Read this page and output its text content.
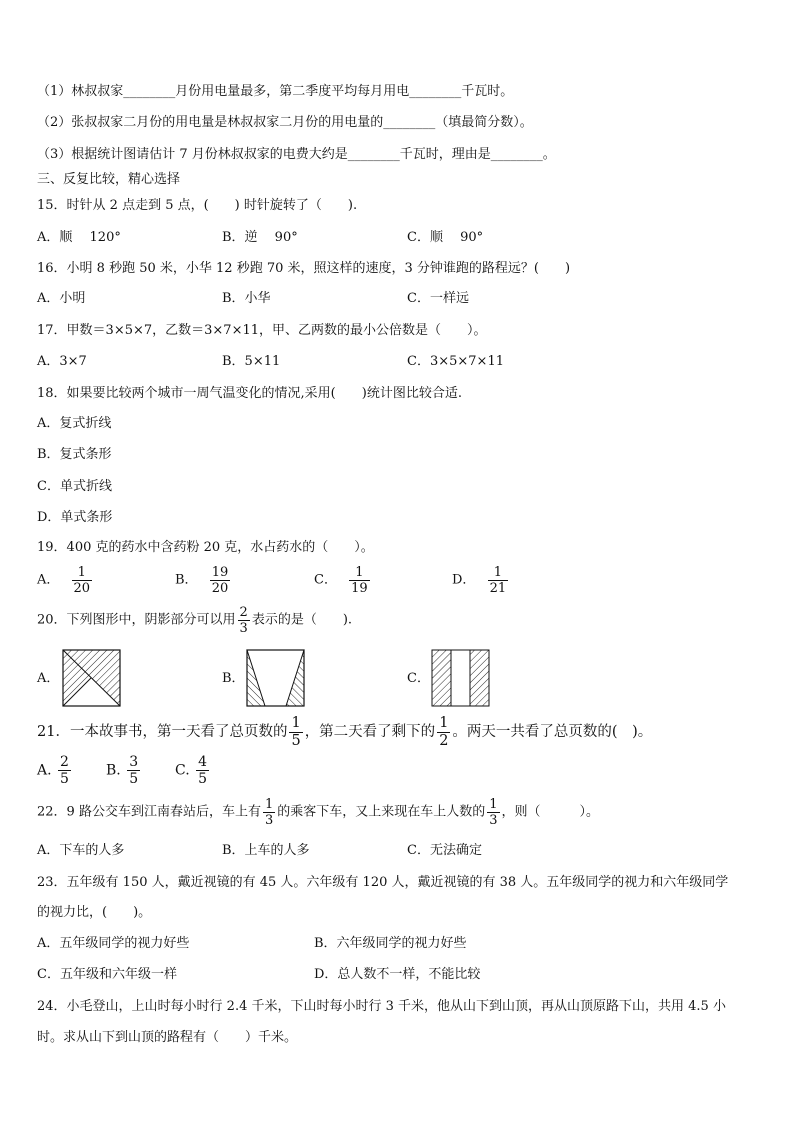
（1）林叔叔家________月份用电量最多，第二季度平均每月用电________千瓦时。
（2）张叔叔家二月份的用电量是林叔叔家二月份的用电量的________（填最简分数）。
（3）根据统计图请估计 7 月份林叔叔家的电费大约是________千瓦时，理由是________。
三、反复比较，精心选择
15．时针从 2 点走到 5 点，(　　) 时针旋转了（　　).
A．顺　 120°	B．逆　 90°	C．顺　 90°
16．小明 8 秒跑 50 米，小华 12 秒跑 70 米，照这样的速度，3 分钟谁跑的路程远？(　　)
A．小明	B．小华	C．一样远
17．甲数＝3×5×7，乙数＝3×7×11，甲、乙两数的最小公倍数是（　　）。
A．3×7	B．5×11	C．3×5×7×11
18．如果要比较两个城市一周气温变化的情况,采用(　　)统计图比较合适.
A．复式折线
B．复式条形
C．单式折线
D．单式条形
19．400 克的药水中含药粉 20 克，水占药水的（　　）。
A． $\frac{1}{20}$	B． $\frac{19}{20}$	C． $\frac{1}{19}$	D． $\frac{1}{21}$
20．下列图形中，阴影部分可以用 $\frac{2}{3}$ 表示的是（　　).
A．	B．	C．
21．一本故事书，第一天看了总页数的 $\frac{1}{5}$ ，第二天看了剩下的 $\frac{1}{2}$ 。两天一共看了总页数的(　)。
A. $\frac{2}{5}$	B. $\frac{3}{5} C$. $\frac{4}{5}$
22．9 路公交车到江南春站后，车上有 $\frac{1}{3}$ 的乘客下车，又上来现在车上人数的 $\frac{1}{3}$ ，则（　　　）。
A．下车的人多	B．上车的人多	C．无法确定
23．五年级有 150 人，戴近视镜的有 45 人。六年级有 120 人，戴近视镜的有 38 人。五年级同学的视力和六年级同学
的视力比，(　　)。
A．五年级同学的视力好些	B．六年级同学的视力好些
C．五年级和六年级一样	D．总人数不一样，不能比较
24．小毛登山，上山时每小时行 2.4 千米，下山时每小时行 3 千米，他从山下到山顶，再从山顶原路下山，共用 4.5 小
时。求从山下到山顶的路程有（　　）千米。
